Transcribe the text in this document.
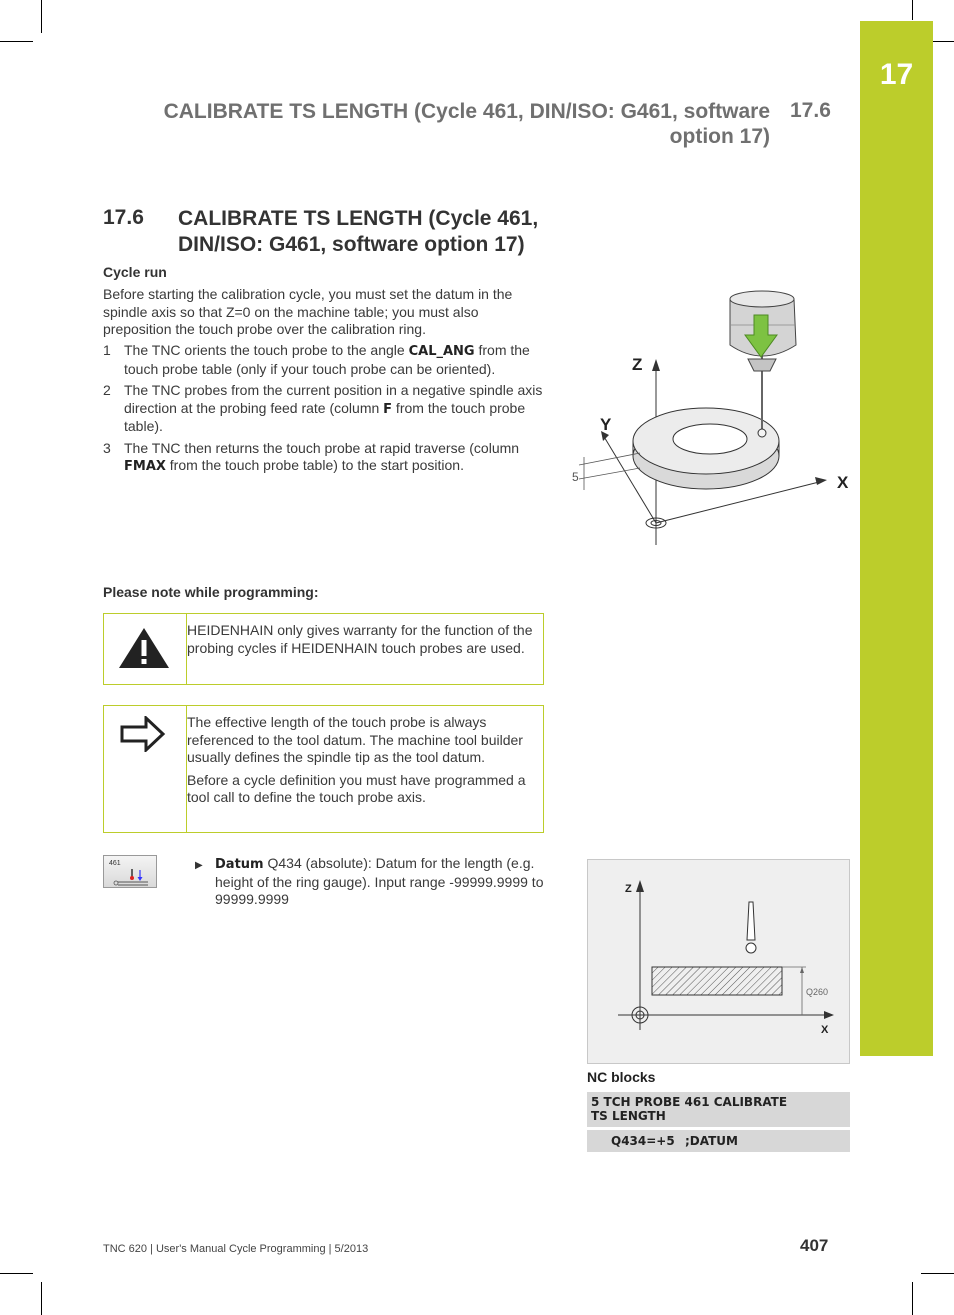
17
CALIBRATE TS LENGTH (Cycle 461, DIN/ISO: G461, software option 17)
17.6
17.6 CALIBRATE TS LENGTH (Cycle 461, DIN/ISO: G461, software option 17)
Cycle run
Before starting the calibration cycle, you must set the datum in the spindle axis so that Z=0 on the machine table; you must also preposition the touch probe over the calibration ring.
1 The TNC orients the touch probe to the angle CAL_ANG from the touch probe table (only if your touch probe can be oriented).
2 The TNC probes from the current position in a negative spindle axis direction at the probing feed rate (column F from the touch probe table).
3 The TNC then returns the touch probe at rapid traverse (column FMAX from the touch probe table) to the start position.
Z
Y
X
5
Please note while programming:

HEIDENHAIN only gives warranty for the function of the probing cycles if HEIDENHAIN touch probes are used.

The effective length of the touch probe is always referenced to the tool datum. The machine tool builder usually defines the spindle tip as the tool datum.

Before a cycle definition you must have programmed a tool call to define the touch probe axis.

461	▶ Datum Q434 (absolute): Datum for the length (e.g. height of the ring gauge). Input range -99999.9999 to 99999.9999
Z
X
Q260
NC blocks
5 TCH PROBE 461 CALIBRATE TS LENGTH
Q434=+5 ;DATUM
TNC 620 | User's Manual Cycle Programming | 5/2013	407
